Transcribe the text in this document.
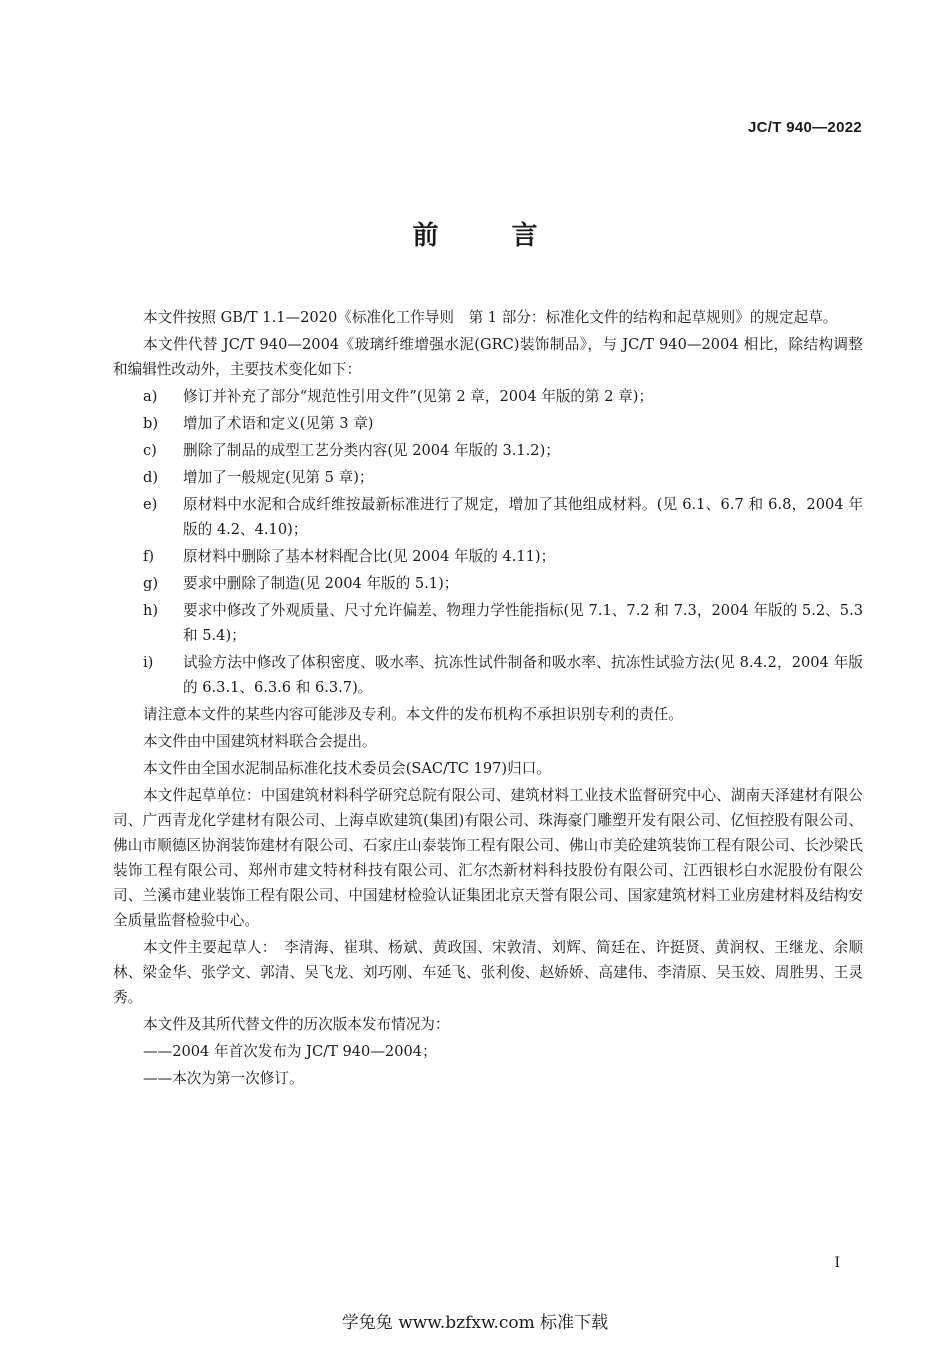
JC/T 940—2022
前 言

本文件按照 GB/T 1.1—2020《标准化工作导则　第 1 部分：标准化文件的结构和起草规则》的规定起草。

本文件代替 JC/T 940—2004《玻璃纤维增强水泥(GRC)装饰制品》，与 JC/T 940—2004 相比，除结构调整和编辑性改动外，主要技术变化如下：

a)	修订并补充了部分“规范性引用文件”(见第 2 章，2004 年版的第 2 章)；
b)	增加了术语和定义(见第 3 章)
c)	删除了制品的成型工艺分类内容(见 2004 年版的 3.1.2)；
d)	增加了一般规定(见第 5 章)；
e)	原材料中水泥和合成纤维按最新标准进行了规定，增加了其他组成材料。(见 6.1、6.7 和 6.8，2004 年版的 4.2、4.10)；
f)	原材料中删除了基本材料配合比(见 2004 年版的 4.11)；
g)	要求中删除了制造(见 2004 年版的 5.1)；
h)	要求中修改了外观质量、尺寸允许偏差、物理力学性能指标(见 7.1、7.2 和 7.3，2004 年版的 5.2、5.3 和 5.4)；
i)	试验方法中修改了体积密度、吸水率、抗冻性试件制备和吸水率、抗冻性试验方法(见 8.4.2，2004 年版的 6.3.1、6.3.6 和 6.3.7)。

请注意本文件的某些内容可能涉及专利。本文件的发布机构不承担识别专利的责任。

本文件由中国建筑材料联合会提出。

本文件由全国水泥制品标准化技术委员会(SAC/TC 197)归口。

本文件起草单位：中国建筑材料科学研究总院有限公司、建筑材料工业技术监督研究中心、湖南天泽建材有限公司、广西青龙化学建材有限公司、上海卓欧建筑(集团)有限公司、珠海豪门雕塑开发有限公司、亿恒控股有限公司、佛山市顺德区协润装饰建材有限公司、石家庄山泰装饰工程有限公司、佛山市美砼建筑装饰工程有限公司、长沙梁氏装饰工程有限公司、郑州市建文特材科技有限公司、汇尔杰新材料科技股份有限公司、江西银杉白水泥股份有限公司、兰溪市建业装饰工程有限公司、中国建材检验认证集团北京天誉有限公司、国家建筑材料工业房建材料及结构安全质量监督检验中心。

本文件主要起草人：　李清海、崔琪、杨斌、黄政国、宋敦清、刘辉、简廷在、许挺贤、黄润权、王继龙、余顺林、梁金华、张学文、郭清、吴飞龙、刘巧刚、车延飞、张利俊、赵娇娇、高建伟、李清原、吴玉姣、周胜男、王灵秀。

本文件及其所代替文件的历次版本发布情况为：

——2004 年首次发布为 JC/T 940—2004；

——本次为第一次修订。

I
学兔兔 www.bzfxw.com 标准下载
